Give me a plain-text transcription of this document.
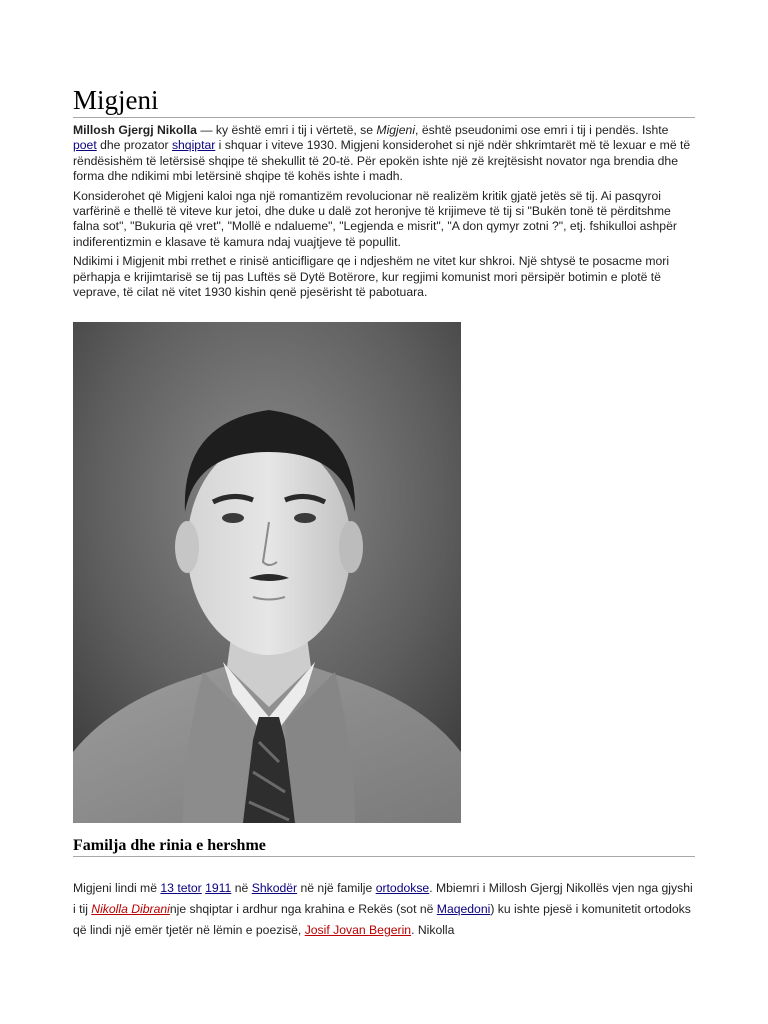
Migjeni

Millosh Gjergj Nikolla — ky është emri i tij i vërtetë, se Migjeni, është pseudonimi ose emri i tij i pendës. Ishte poet dhe prozator shqiptar i shquar i viteve 1930. Migjeni konsiderohet si një ndër shkrimtarët më të lexuar e më të rëndësishëm të letërsisë shqipe të shekullit të 20-të. Për epokën ishte një zë krejtësisht novator nga brendia dhe forma dhe ndikimi mbi letërsinë shqipe të kohës ishte i madh.

Konsiderohet që Migjeni kaloi nga një romantizëm revolucionar në realizëm kritik gjatë jetës së tij. Ai pasqyroi varfërinë e thellë të viteve kur jetoi, dhe duke u dalë zot heronjve të krijimeve të tij si "Bukën tonë të përditshme falna sot", "Bukuria që vret", "Mollë e ndalueme", "Legjenda e misrit", "A don qymyr zotni ?", etj. fshikulloi ashpër indiferentizmin e klasave të kamura ndaj vuajtjeve të popullit.

Ndikimi i Migjenit mbi rrethet e rinisë anticifligare qe i ndjeshëm ne vitet kur shkroi. Një shtysë te posacme mori përhapja e krijimtarisë se tij pas Luftës së Dytë Botërore, kur regjimi komunist mori përsipër botimin e plotë të veprave, të cilat në vitet 1930 kishin qenë pjesërisht të pabotuara.

Familja dhe rinia e hershme

Migjeni lindi më 13 tetor 1911 në Shkodër në një familje ortodokse. Mbiemri i Millosh Gjergj Nikollës vjen nga gjyshi i tij Nikolla Dibraninje shqiptar i ardhur nga krahina e Rekës (sot në Maqedoni) ku ishte pjesë i komunitetit ortodoks që lindi një emër tjetër në lëmin e poezisë, Josif Jovan Begerin. Nikolla
